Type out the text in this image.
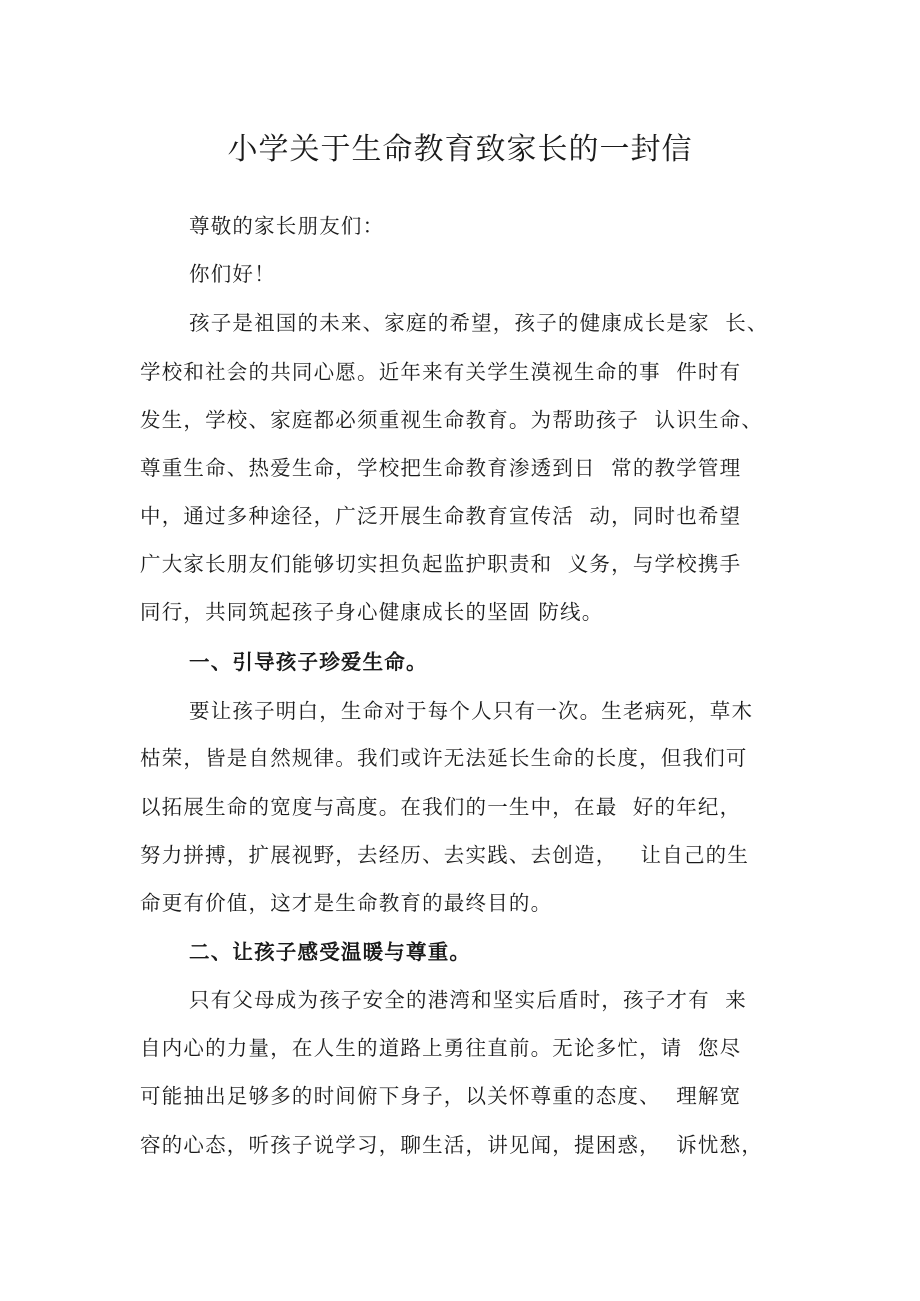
小学关于生命教育致家长的一封信

尊敬的家长朋友们：

你们好！

孩子是祖国的未来、家庭的希望，孩子的健康成长是家  长、

学校和社会的共同心愿。近年来有关学生漠视生命的事  件时有

发生，学校、家庭都必须重视生命教育。为帮助孩子  认识生命、

尊重生命、热爱生命，学校把生命教育渗透到日  常的教学管理

中，通过多种途径，广泛开展生命教育宣传活  动，同时也希望

广大家长朋友们能够切实担负起监护职责和  义务，与学校携手

同行，共同筑起孩子身心健康成长的坚固 防线。

一、引导孩子珍爱生命。

要让孩子明白，生命对于每个人只有一次。生老病死，草木

枯荣，皆是自然规律。我们或许无法延长生命的长度，但我们可

以拓展生命的宽度与高度。在我们的一生中，在最  好的年纪，

努力拼搏，扩展视野，去经历、去实践、去创造，   让自己的生

命更有价值，这才是生命教育的最终目的。

二、让孩子感受温暖与尊重。

只有父母成为孩子安全的港湾和坚实后盾时，孩子才有  来

自内心的力量，在人生的道路上勇往直前。无论多忙，请  您尽

可能抽出足够多的时间俯下身子，以关怀尊重的态度、  理解宽

容的心态，听孩子说学习，聊生活，讲见闻，提困惑，  诉忧愁，
